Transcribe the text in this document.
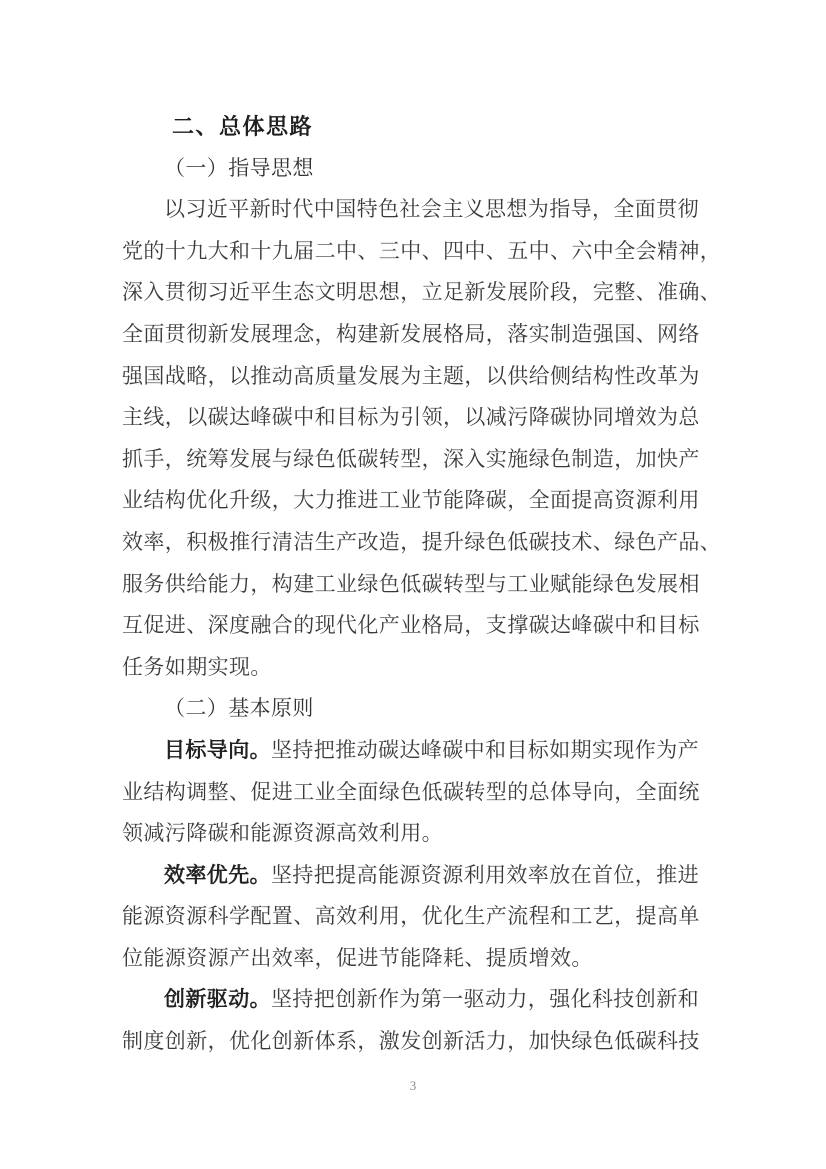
二、总体思路
（一）指导思想
以习近平新时代中国特色社会主义思想为指导，全面贯彻
党的十九大和十九届二中、三中、四中、五中、六中全会精神，
深入贯彻习近平生态文明思想，立足新发展阶段，完整、准确、
全面贯彻新发展理念，构建新发展格局，落实制造强国、网络
强国战略，以推动高质量发展为主题，以供给侧结构性改革为
主线，以碳达峰碳中和目标为引领，以减污降碳协同增效为总
抓手，统筹发展与绿色低碳转型，深入实施绿色制造，加快产
业结构优化升级，大力推进工业节能降碳，全面提高资源利用
效率，积极推行清洁生产改造，提升绿色低碳技术、绿色产品、
服务供给能力，构建工业绿色低碳转型与工业赋能绿色发展相
互促进、深度融合的现代化产业格局，支撑碳达峰碳中和目标
任务如期实现。
（二）基本原则
目标导向。坚持把推动碳达峰碳中和目标如期实现作为产
业结构调整、促进工业全面绿色低碳转型的总体导向，全面统
领减污降碳和能源资源高效利用。
效率优先。坚持把提高能源资源利用效率放在首位，推进
能源资源科学配置、高效利用，优化生产流程和工艺，提高单
位能源资源产出效率，促进节能降耗、提质增效。
创新驱动。坚持把创新作为第一驱动力，强化科技创新和
制度创新，优化创新体系，激发创新活力，加快绿色低碳科技
3
